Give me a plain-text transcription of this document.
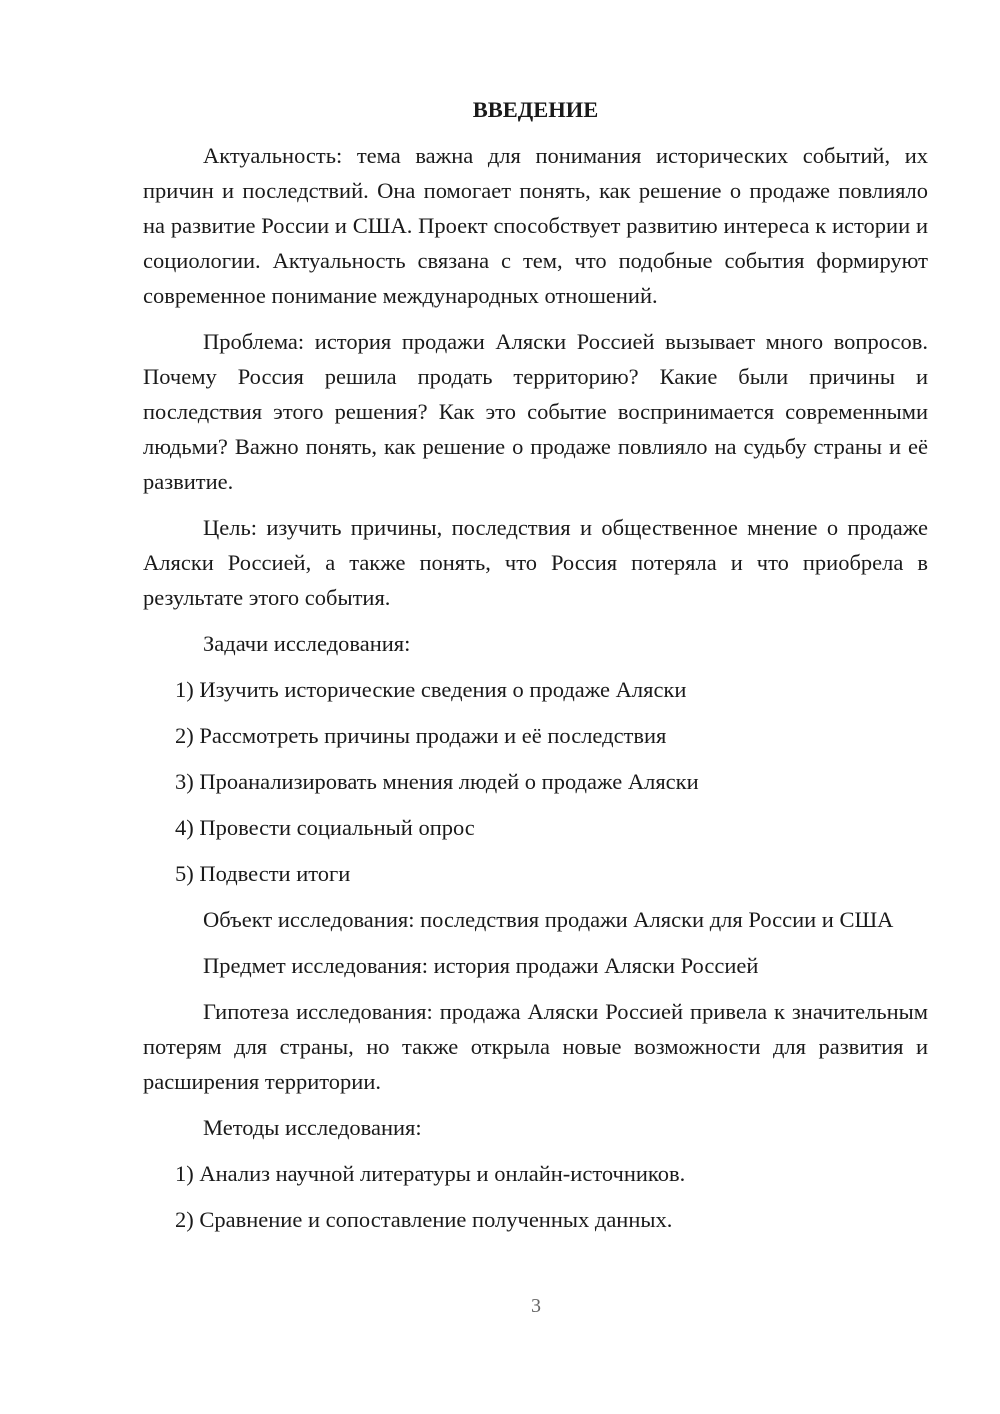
ВВЕДЕНИЕ

Актуальность: тема важна для понимания исторических событий, их причин и последствий. Она помогает понять, как решение о продаже повлияло на развитие России и США. Проект способствует развитию интереса к истории и социологии. Актуальность связана с тем, что подобные события формируют современное понимание международных отношений.

Проблема: история продажи Аляски Россией вызывает много вопросов. Почему Россия решила продать территорию? Какие были причины и последствия этого решения? Как это событие воспринимается современными людьми? Важно понять, как решение о продаже повлияло на судьбу страны и её развитие.

Цель: изучить причины, последствия и общественное мнение о продаже Аляски Россией, а также понять, что Россия потеряла и что приобрела в результате этого события.

Задачи исследования:

1) Изучить исторические сведения о продаже Аляски

2) Рассмотреть причины продажи и её последствия

3) Проанализировать мнения людей о продаже Аляски

4) Провести социальный опрос

5) Подвести итоги

Объект исследования: последствия продажи Аляски для России и США

Предмет исследования: история продажи Аляски Россией

Гипотеза исследования: продажа Аляски Россией привела к значительным потерям для страны, но также открыла новые возможности для развития и расширения территории.

Методы исследования:

1) Анализ научной литературы и онлайн-источников.

2) Сравнение и сопоставление полученных данных.

3
